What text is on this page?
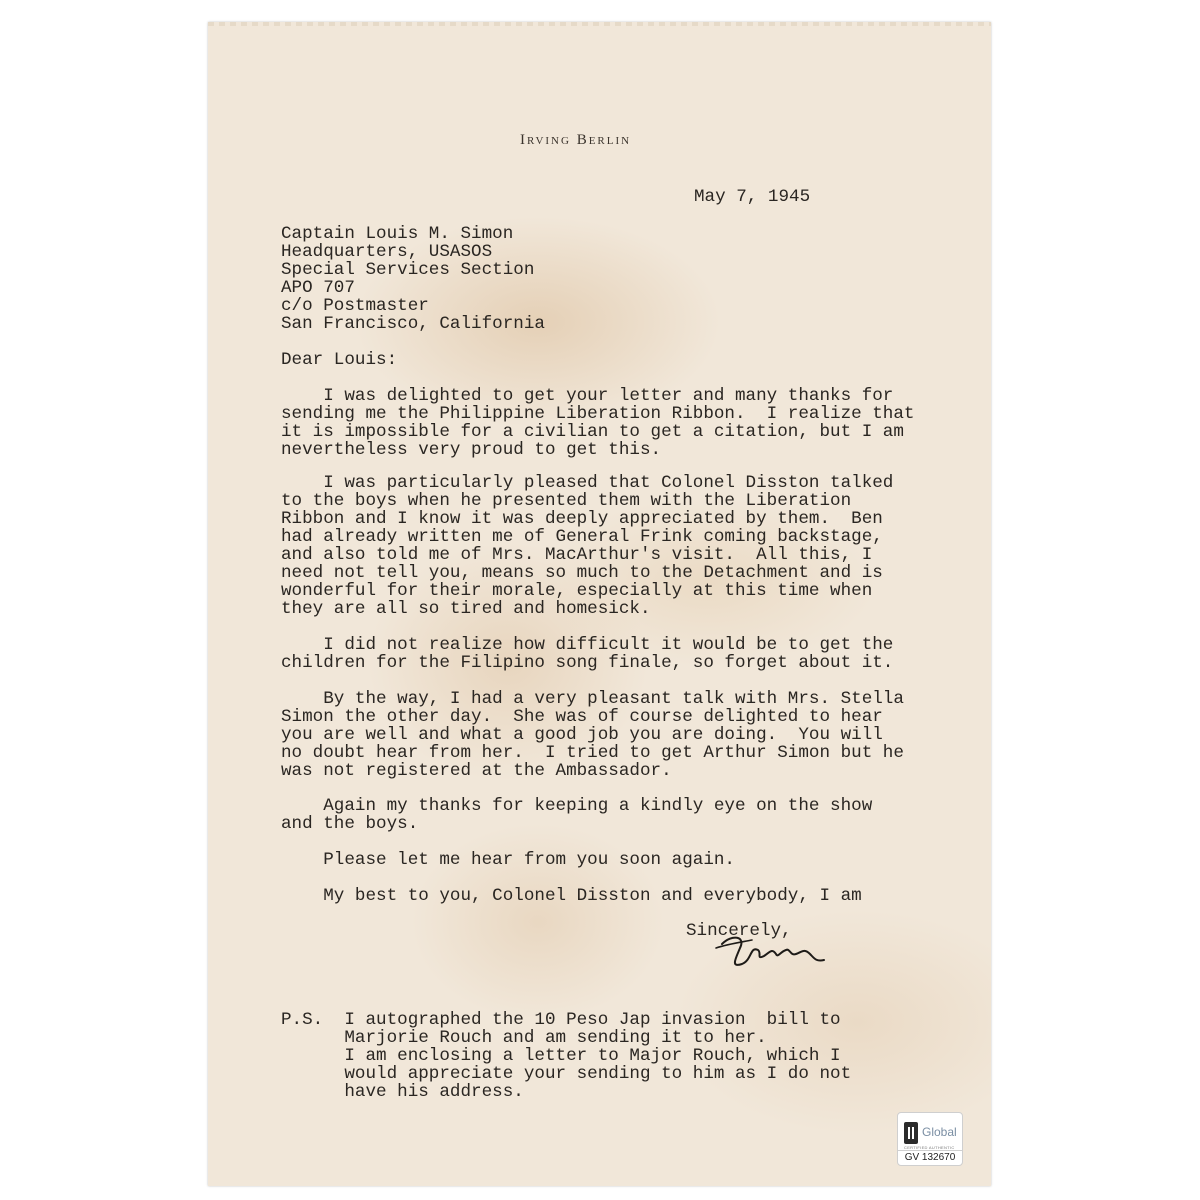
Irving Berlin
May 7, 1945
Captain Louis M. Simon
Headquarters, USASOS
Special Services Section
APO 707
c/o Postmaster
San Francisco, California
Dear Louis:
I was delighted to get your letter and many thanks for
sending me the Philippine Liberation Ribbon.  I realize that
it is impossible for a civilian to get a citation, but I am
nevertheless very proud to get this.
I was particularly pleased that Colonel Disston talked
to the boys when he presented them with the Liberation
Ribbon and I know it was deeply appreciated by them.  Ben
had already written me of General Frink coming backstage,
and also told me of Mrs. MacArthur's visit.  All this, I
need not tell you, means so much to the Detachment and is
wonderful for their morale, especially at this time when
they are all so tired and homesick.
I did not realize how difficult it would be to get the
children for the Filipino song finale, so forget about it.
By the way, I had a very pleasant talk with Mrs. Stella
Simon the other day.  She was of course delighted to hear
you are well and what a good job you are doing.  You will
no doubt hear from her.  I tried to get Arthur Simon but he
was not registered at the Ambassador.
Again my thanks for keeping a kindly eye on the show
and the boys.
Please let me hear from you soon again.
My best to you, Colonel Disston and everybody, I am
Sincerely,
P.S.  I autographed the 10 Peso Jap invasion  bill to
Marjorie Rouch and am sending it to her.
I am enclosing a letter to Major Rouch, which I
would appreciate your sending to him as I do not
have his address.
Global
CERTIFIED AUTHENTIC
GV 132670
